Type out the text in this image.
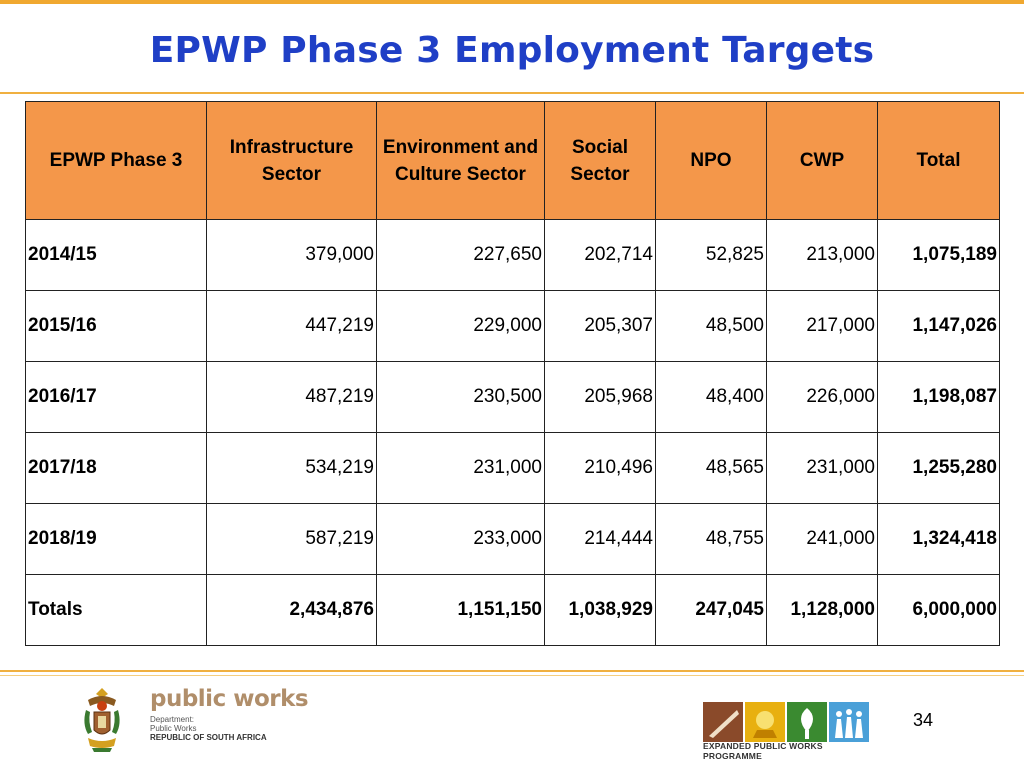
EPWP Phase 3 Employment Targets
EPWP Phase 3	Infrastructure Sector	Environment and Culture Sector	Social Sector	NPO	CWP	Total
2014/15	379,000	227,650	202,714	52,825	213,000	1,075,189
2015/16	447,219	229,000	205,307	48,500	217,000	1,147,026
2016/17	487,219	230,500	205,968	48,400	226,000	1,198,087
2017/18	534,219	231,000	210,496	48,565	231,000	1,255,280
2018/19	587,219	233,000	214,444	48,755	241,000	1,324,418
Totals	2,434,876	1,151,150	1,038,929	247,045	1,128,000	6,000,000
public works
Department:
Public Works
REPUBLIC OF SOUTH AFRICA
EXPANDED PUBLIC WORKS PROGRAMME
34
